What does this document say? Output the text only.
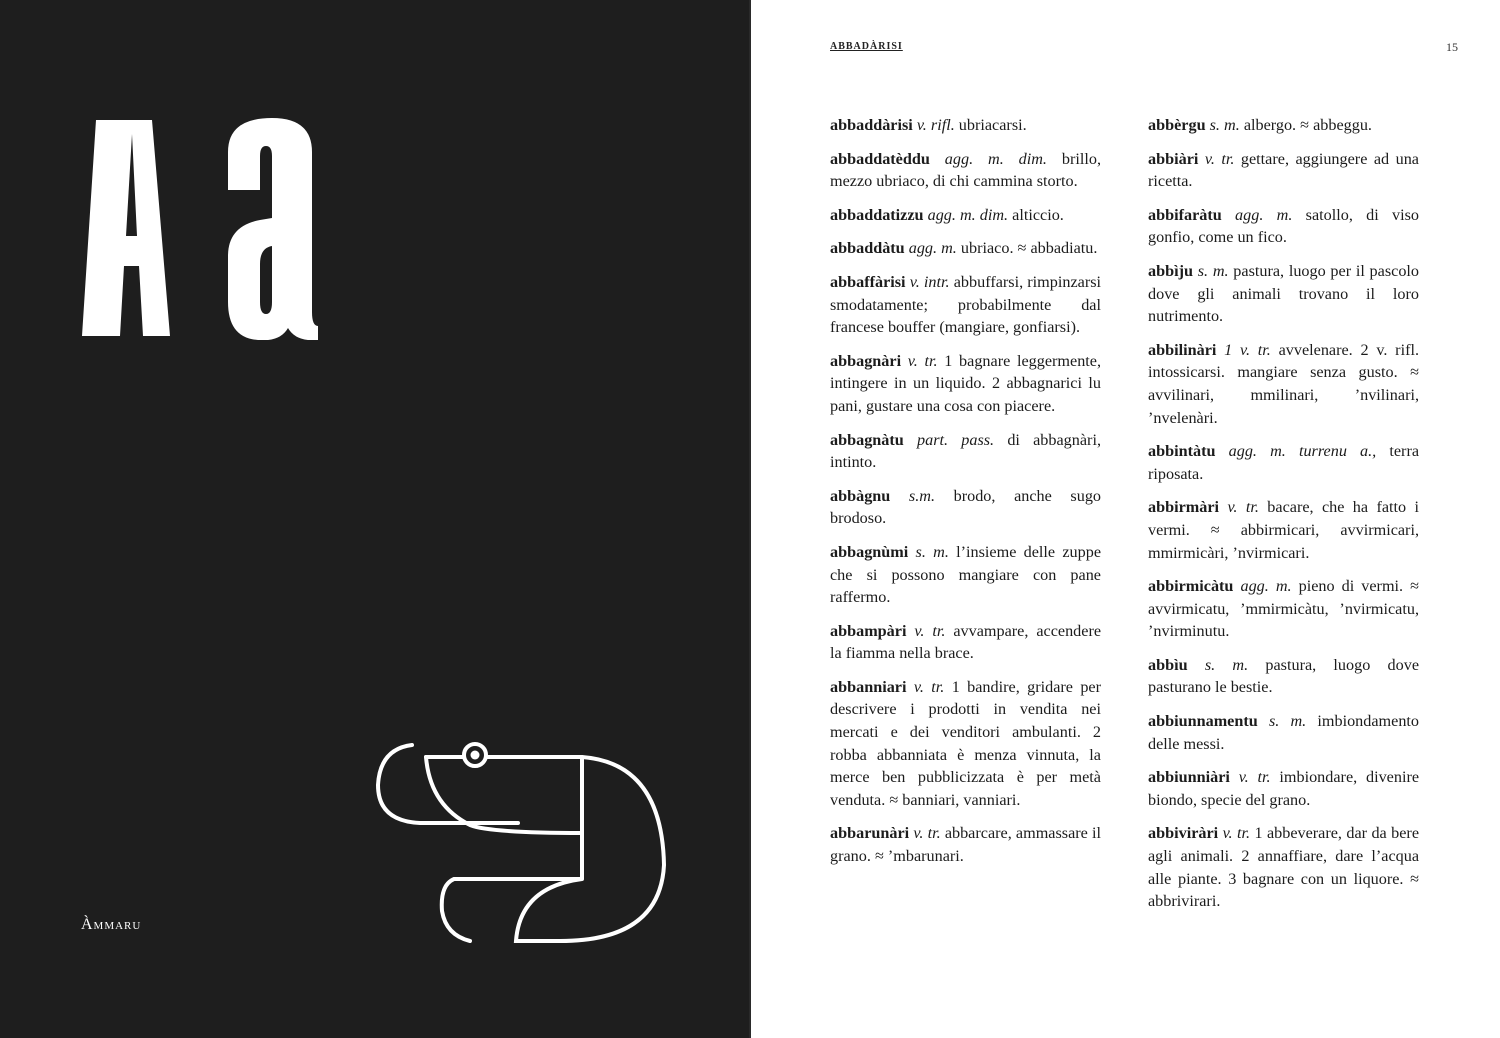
Àmmaru
ABBADÀRISI	15

abbaddàrisi v. rifl. ubriacarsi.

abbaddatèddu agg. m. dim. brillo, mezzo ubriaco, di chi cammina storto.

abbaddatizzu agg. m. dim. alticcio.

abbaddàtu agg. m. ubriaco. ≈ abbadiatu.

abbaffàrisi v. intr. abbuffarsi, rimpinzarsi smodatamente; probabilmente dal francese bouffer (mangiare, gonfiarsi).

abbagnàri v. tr. 1 bagnare leggermente, intingere in un liquido. 2 abbagnarici lu pani, gustare una cosa con piacere.

abbagnàtu part. pass. di abbagnàri, intinto.

abbàgnu s.m. brodo, anche sugo brodoso.

abbagnùmi s. m. l’insieme delle zuppe che si possono mangiare con pane raffermo.

abbampàri v. tr. avvampare, accendere la fiamma nella brace.

abbanniari v. tr. 1 bandire, gridare per descrivere i prodotti in vendita nei mercati e dei venditori ambulanti. 2 robba abbanniata è menza vinnuta, la merce ben pubblicizzata è per metà venduta. ≈ banniari, vanniari.

abbarunàri v. tr. abbarcare, ammassare il grano. ≈ ’mbarunari.

abbèrgu s. m. albergo. ≈ abbeggu.

abbiàri v. tr. gettare, aggiungere ad una ricetta.

abbifaràtu agg. m. satollo, di viso gonfio, come un fico.

abbìju s. m. pastura, luogo per il pascolo dove gli animali trovano il loro nutrimento.

abbilinàri 1 v. tr. avvelenare. 2 v. rifl. intossicarsi. mangiare senza gusto. ≈ avvilinari, mmilinari, ’nvilinari, ’nvelenàri.

abbintàtu agg. m. turrenu a., terra riposata.

abbirmàri v. tr. bacare, che ha fatto i vermi. ≈ abbirmicari, avvirmicari, mmirmicàri, ’nvirmicari.

abbirmicàtu agg. m. pieno di vermi. ≈ avvirmicatu, ’mmirmicàtu, ’nvirmicatu, ’nvirminutu.

abbìu s. m. pastura, luogo dove pasturano le bestie.

abbiunnamentu s. m. imbiondamento delle messi.

abbiunniàri v. tr. imbiondare, divenire biondo, specie del grano.

abbiviràri v. tr. 1 abbeverare, dar da bere agli animali. 2 annaffiare, dare l’acqua alle piante. 3 bagnare con un liquore. ≈ abbrivirari.
